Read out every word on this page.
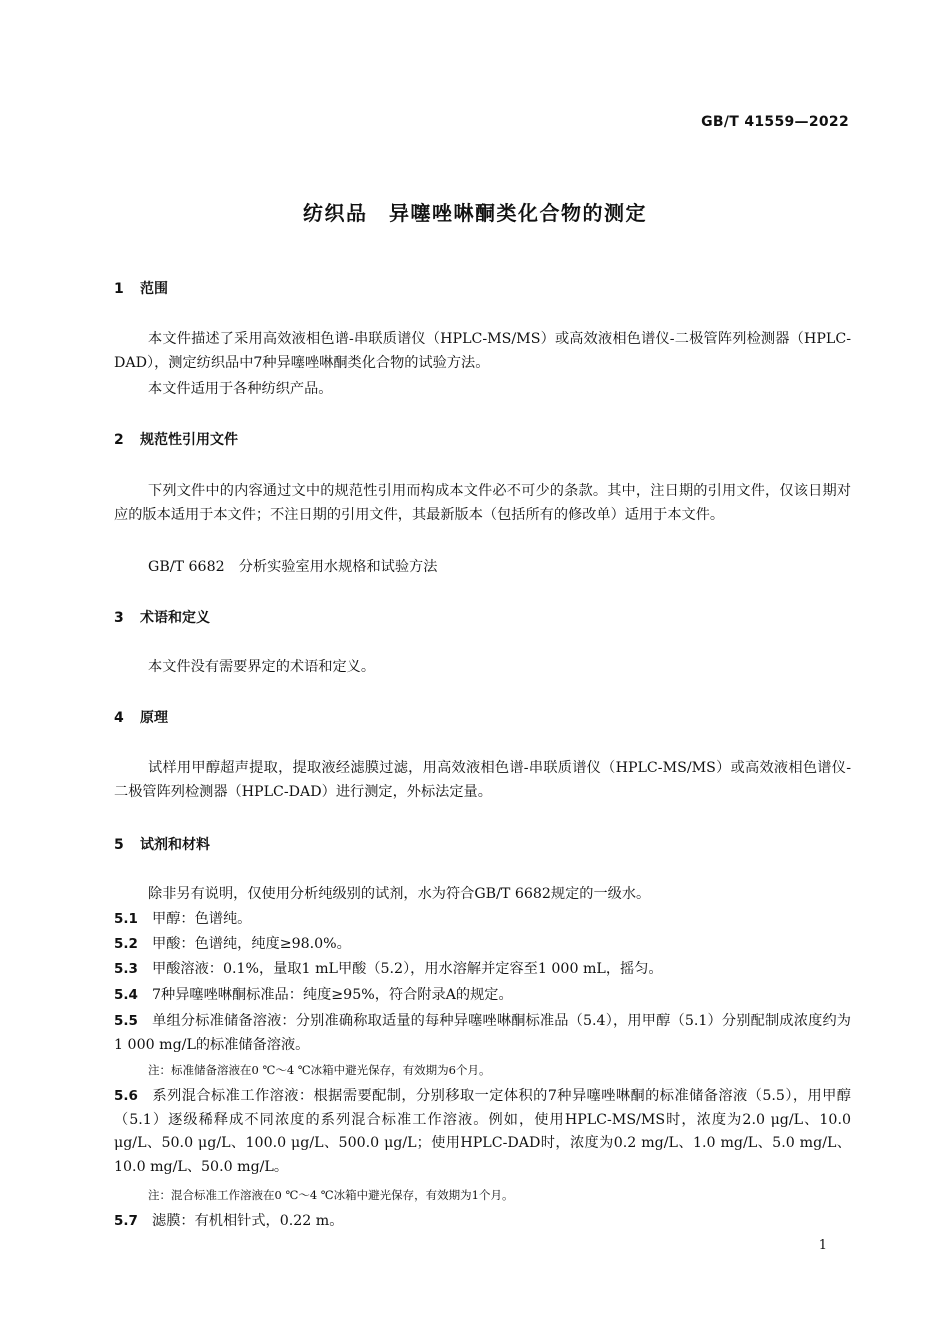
GB/T 41559—2022
纺织品　异噻唑啉酮类化合物的测定
1 范围
本文件描述了采用高效液相色谱-串联质谱仪（HPLC-MS/MS）或高效液相色谱仪-二极管阵列检测器（HPLC-DAD），测定纺织品中7种异噻唑啉酮类化合物的试验方法。
本文件适用于各种纺织产品。
2 规范性引用文件
下列文件中的内容通过文中的规范性引用而构成本文件必不可少的条款。其中，注日期的引用文件，仅该日期对应的版本适用于本文件；不注日期的引用文件，其最新版本（包括所有的修改单）适用于本文件。
GB/T 6682　分析实验室用水规格和试验方法
3 术语和定义
本文件没有需要界定的术语和定义。
4 原理
试样用甲醇超声提取，提取液经滤膜过滤，用高效液相色谱-串联质谱仪（HPLC-MS/MS）或高效液相色谱仪-二极管阵列检测器（HPLC-DAD）进行测定，外标法定量。
5 试剂和材料
除非另有说明，仅使用分析纯级别的试剂，水为符合GB/T 6682规定的一级水。
5.1 甲醇：色谱纯。
5.2 甲酸：色谱纯，纯度≥98.0%。
5.3 甲酸溶液：0.1%，量取1 mL甲酸（5.2），用水溶解并定容至1 000 mL，摇匀。
5.4 7种异噻唑啉酮标准品：纯度≥95%，符合附录A的规定。
5.5 单组分标准储备溶液：分别准确称取适量的每种异噻唑啉酮标准品（5.4），用甲醇（5.1）分别配制成浓度约为1 000 mg/L的标准储备溶液。
注：标准储备溶液在0 ℃～4 ℃冰箱中避光保存，有效期为6个月。
5.6 系列混合标准工作溶液：根据需要配制，分别移取一定体积的7种异噻唑啉酮的标准储备溶液（5.5），用甲醇（5.1）逐级稀释成不同浓度的系列混合标准工作溶液。例如，使用HPLC-MS/MS时，浓度为2.0 μg/L、10.0 μg/L、50.0 μg/L、100.0 μg/L、500.0 μg/L；使用HPLC-DAD时，浓度为0.2 mg/L、1.0 mg/L、5.0 mg/L、10.0 mg/L、50.0 mg/L。
注：混合标准工作溶液在0 ℃～4 ℃冰箱中避光保存，有效期为1个月。
5.7 滤膜：有机相针式，0.22 m。
1
